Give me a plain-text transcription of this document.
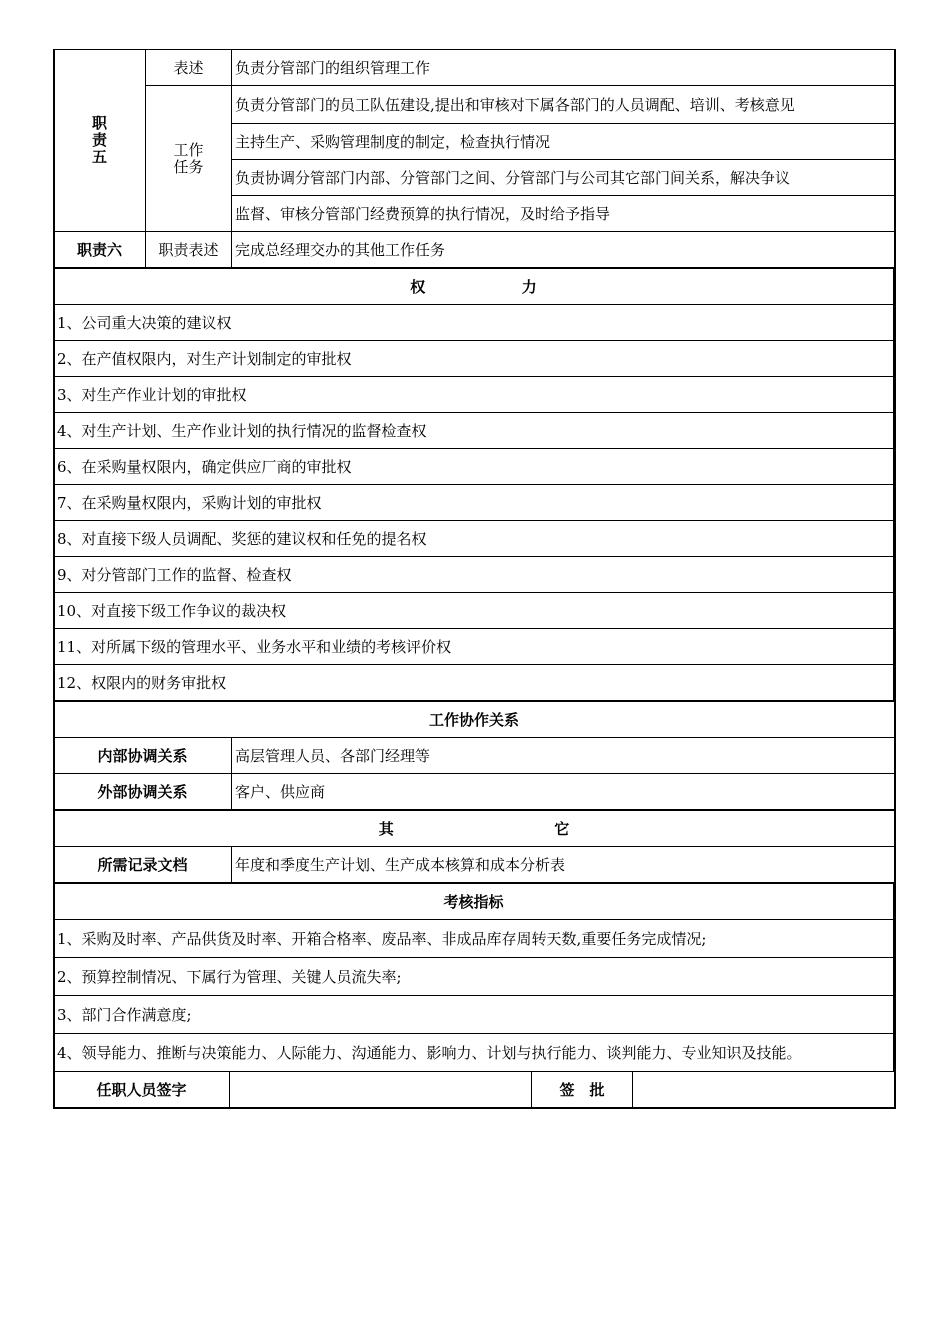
职
责
五	表述	负责分管部门的组织管理工作
	工作
任务	负责分管部门的员工队伍建设,提出和审核对下属各部门的人员调配、培训、考核意见
		主持生产、采购管理制度的制定，检查执行情况
		负责协调分管部门内部、分管部门之间、分管部门与公司其它部门间关系，解决争议
		监督、审核分管部门经费预算的执行情况，及时给予指导
职责六	职责表述	完成总经理交办的其他工作任务
权	力
1、公司重大决策的建议权
2、在产值权限内，对生产计划制定的审批权
3、对生产作业计划的审批权
4、对生产计划、生产作业计划的执行情况的监督检查权
6、在采购量权限内，确定供应厂商的审批权
7、在采购量权限内，采购计划的审批权
8、对直接下级人员调配、奖惩的建议权和任免的提名权
9、对分管部门工作的监督、检查权
10、对直接下级工作争议的裁决权
11、对所属下级的管理水平、业务水平和业绩的考核评价权
12、权限内的财务审批权
工作协作关系	
内部协调关系	高层管理人员、各部门经理等
外部协调关系	客户、供应商
其	它
所需记录文档	年度和季度生产计划、生产成本核算和成本分析表
考核指标
1、采购及时率、产品供货及时率、开箱合格率、废品率、非成品库存周转天数,重要任务完成情况;
2、预算控制情况、下属行为管理、关键人员流失率;
3、部门合作满意度;
4、领导能力、推断与决策能力、人际能力、沟通能力、影响力、计划与执行能力、谈判能力、专业知识及技能。
任职人员签字		签　批	
